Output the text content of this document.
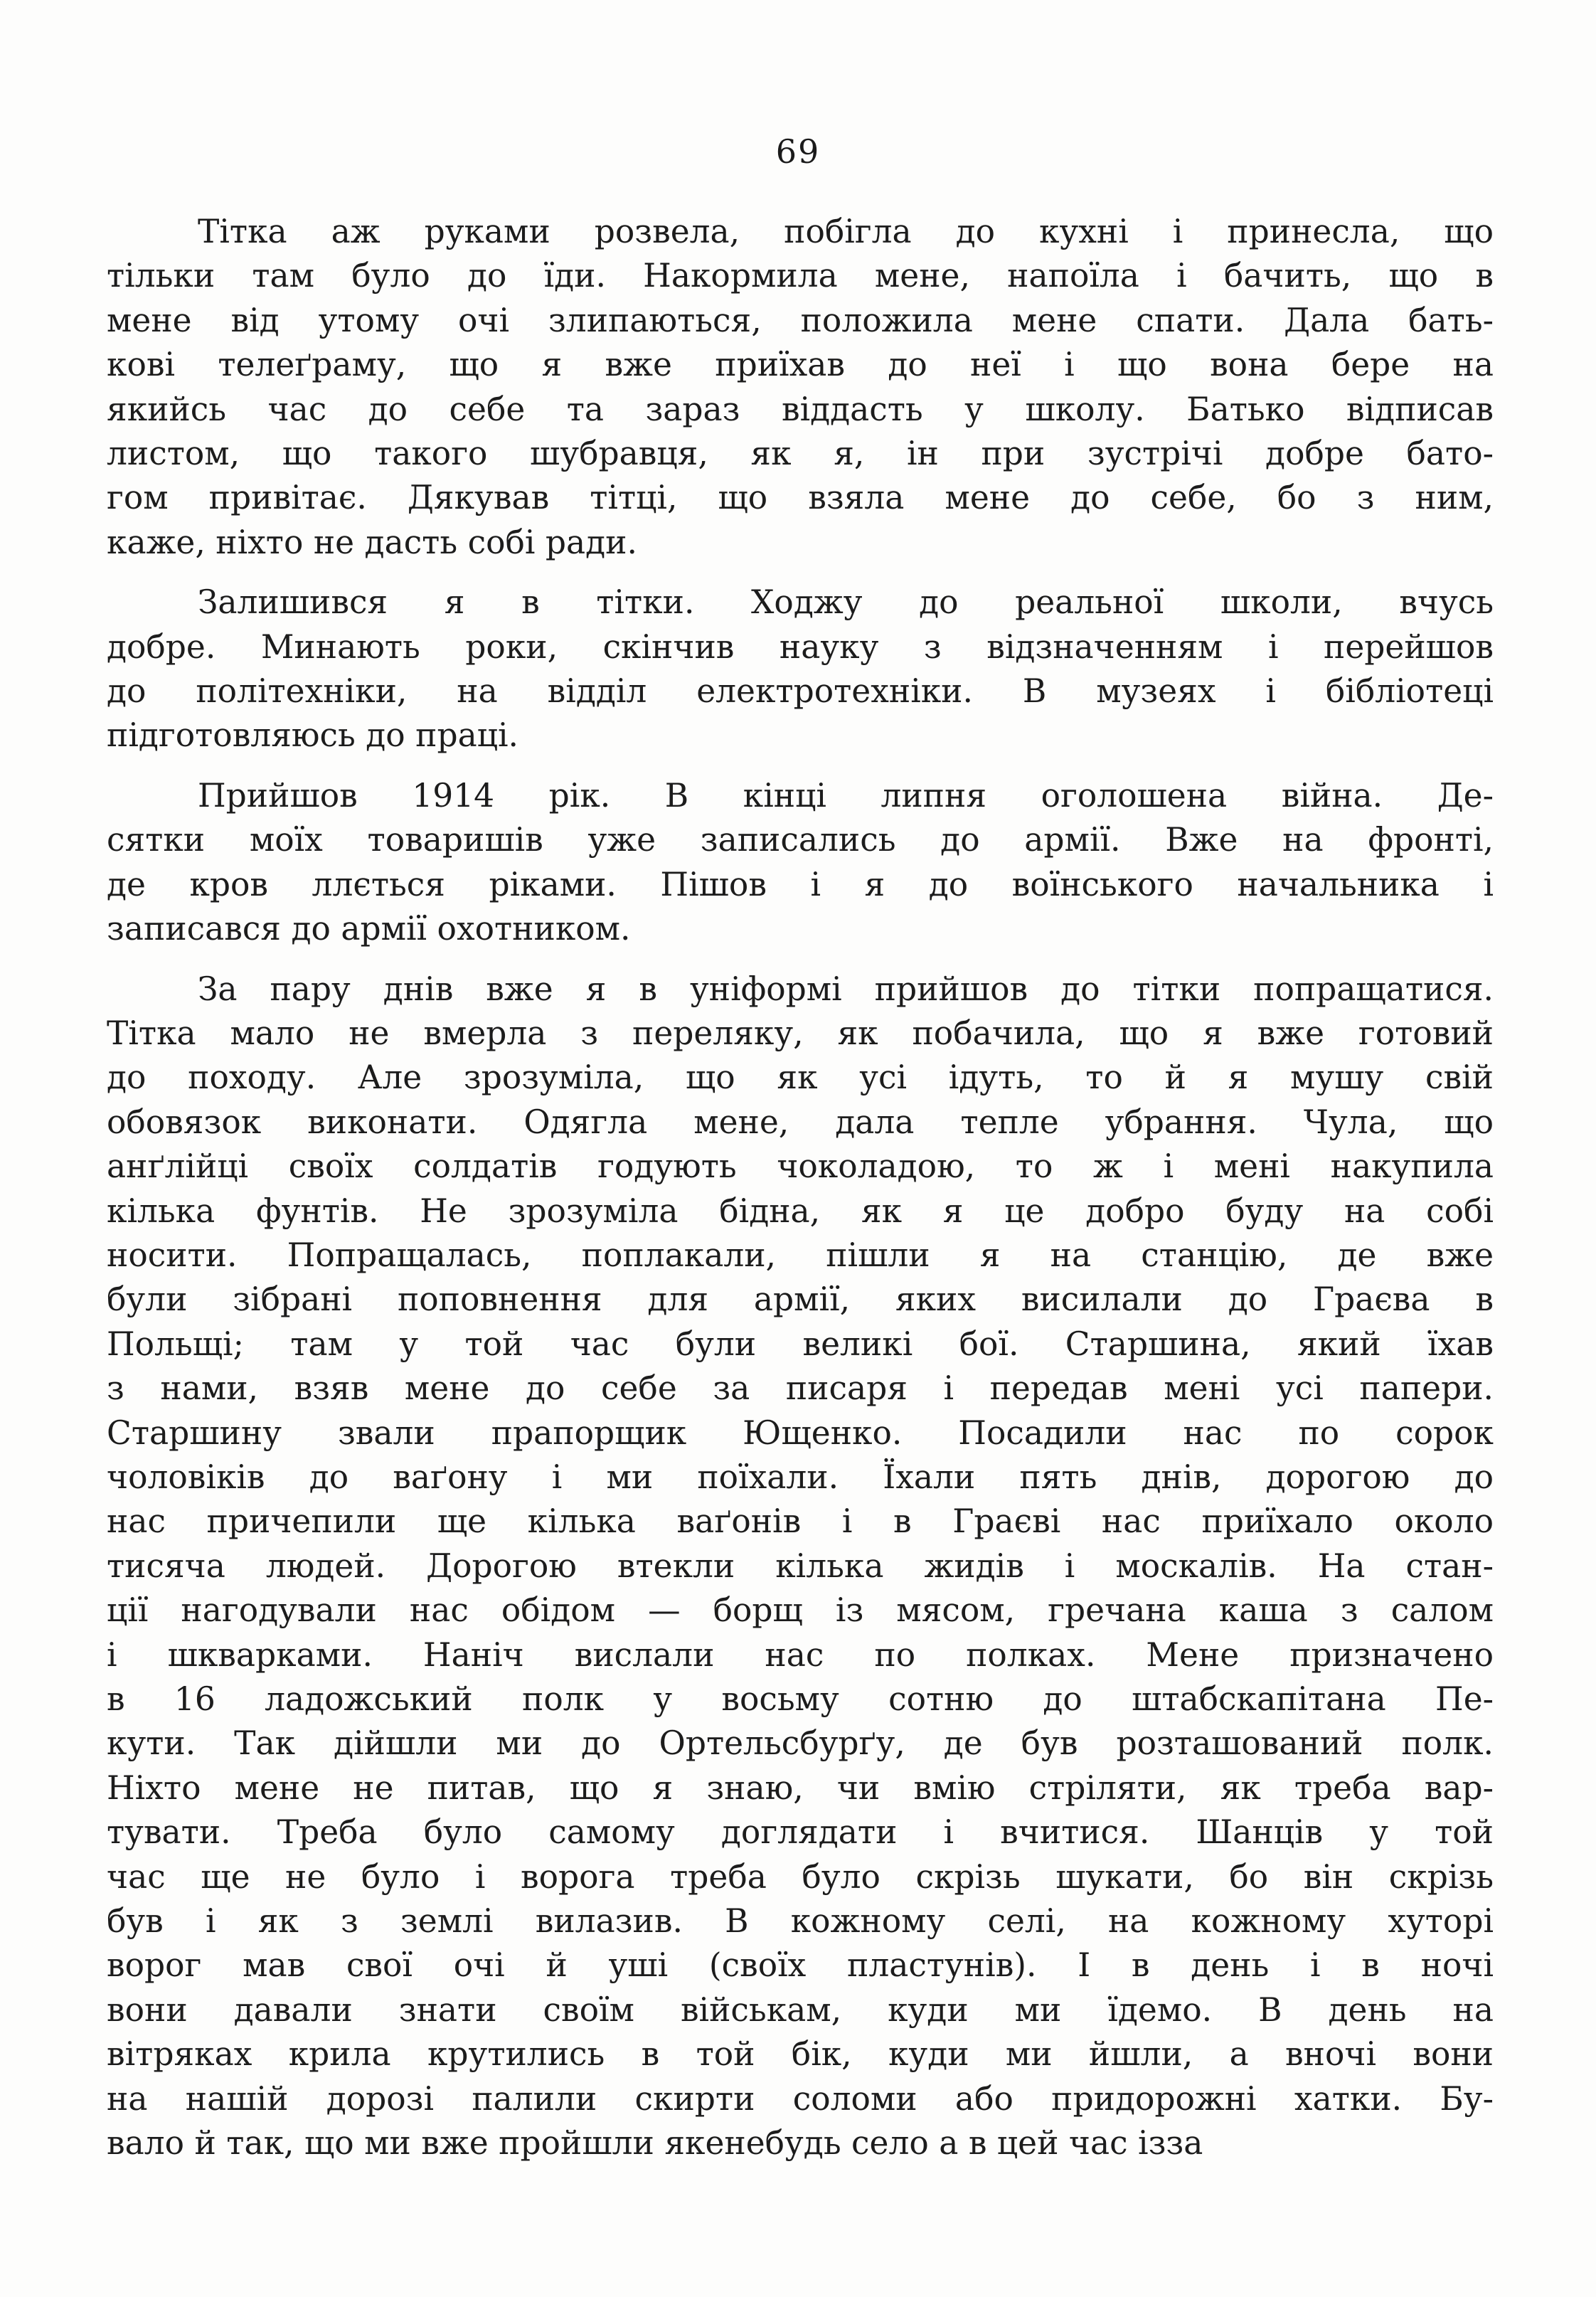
69
Тітка аж руками розвела, побігла до кухні і принесла, що
тільки там було до їди. Накормила мене, напоїла і бачить, що в
мене від утому очі злипаються, положила мене спати. Дала бать-
кові телеґраму, що я вже приїхав до неї і що вона бере на
якийсь час до себе та зараз віддасть у школу. Батько відписав
листом, що такого шубравця, як я, ін при зустрічі добре бато-
гом привітає. Дякував тітці, що взяла мене до себе, бо з ним,
каже, ніхто не дасть собі ради.
Залишився я в тітки. Ходжу до реальної школи, вчусь
добре. Минають роки, скінчив науку з відзначенням і перейшов
до політехніки, на відділ електротехніки. В музеях і бібліотеці
підготовляюсь до праці.
Прийшов 1914 рік. В кінці липня оголошена війна. Де-
сятки моїх товаришів уже записались до армії. Вже на фронті,
де кров ллється ріками. Пішов і я до воїнського начальника і
записався до армії охотником.
За пару днів вже я в уніформі прийшов до тітки попращатися.
Тітка мало не вмерла з переляку, як побачила, що я вже готовий
до походу. Але зрозуміла, що як усі ідуть, то й я мушу свій
обовязок виконати. Одягла мене, дала тепле убрання. Чула, що
анґлійці своїх солдатів годують чоколадою, то ж і мені накупила
кілька фунтів. Не зрозуміла бідна, як я це добро буду на собі
носити. Попращалась, поплакали, пішли я на станцію, де вже
були зібрані поповнення для армії, яких висилали до Граєва в
Польщі; там у той час були великі бої. Старшина, який їхав
з нами, взяв мене до себе за писаря і передав мені усі папери.
Старшину звали прапорщик Ющенко. Посадили нас по сорок
чоловіків до ваґону і ми поїхали. Їхали пять днів, дорогою до
нас причепили ще кілька ваґонів і в Граєві нас приїхало около
тисяча людей. Дорогою втекли кілька жидів і москалів. На стан-
ції нагодували нас обідом — борщ із мясом, гречана каша з салом
і шкварками. Наніч вислали нас по полках. Мене призначено
в 16 ладожський полк у восьму сотню до штабскапітана Пе-
кути. Так дійшли ми до Ортельсбурґу, де був розташований полк.
Ніхто мене не питав, що я знаю, чи вмію стріляти, як треба вар-
тувати. Треба було самому доглядати і вчитися. Шанців у той
час ще не було і ворога треба було скрізь шукати, бо він скрізь
був і як з землі вилазив. В кожному селі, на кожному хуторі
ворог мав свої очі й уші (своїх пластунів). І в день і в ночі
вони давали знати своїм військам, куди ми їдемо. В день на
вітряках крила крутились в той бік, куди ми йшли, а вночі вони
на нашій дорозі палили скирти соломи або придорожні хатки. Бу-
вало й так, що ми вже пройшли якенебудь село а в цей час ізза
